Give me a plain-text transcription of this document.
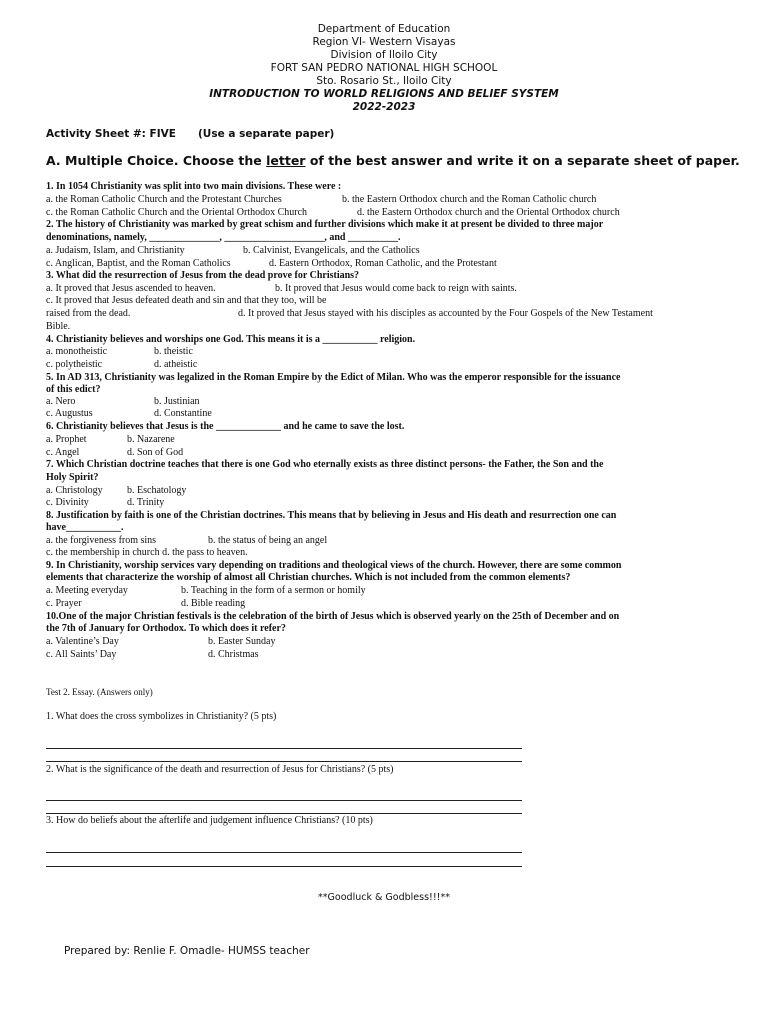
Department of Education
Region VI- Western Visayas
Division of Iloilo City
FORT SAN PEDRO NATIONAL HIGH SCHOOL
Sto. Rosario St., Iloilo City
INTRODUCTION TO WORLD RELIGIONS AND BELIEF SYSTEM
2022-2023
Activity Sheet #: FIVE (Use a separate paper)
A. Multiple Choice. Choose the letter of the best answer and write it on a separate sheet of paper.
1. In 1054 Christianity was split into two main divisions. These were :
a. the Roman Catholic Church and the Protestant Churches	b. the Eastern Orthodox church and the Roman Catholic church
c. the Roman Catholic Church and the Oriental Orthodox Church	d. the Eastern Orthodox church and the Oriental Orthodox church
2. The history of Christianity was marked by great schism and further divisions which make it at present be divided to three major
denominations, namely, ______________, ____________________, and __________.
a. Judaism, Islam, and Christianity	b. Calvinist, Evangelicals, and the Catholics
c. Anglican, Baptist, and the Roman Catholics	d. Eastern Orthodox, Roman Catholic, and the Protestant
3. What did the resurrection of Jesus from the dead prove for Christians?
a. It proved that Jesus ascended to heaven.	b. It proved that Jesus would come back to reign with saints.
c. It proved that Jesus defeated death and sin and that they too, will be
raised from the dead.	d. It proved that Jesus stayed with his disciples as accounted by the Four Gospels of the New Testament
Bible.
4. Christianity believes and worships one God. This means it is a ___________ religion.
a. monotheistic	b. theistic
c. polytheistic	d. atheistic
5. In AD 313, Christianity was legalized in the Roman Empire by the Edict of Milan. Who was the emperor responsible for the issuance
of this edict?
a. Nero	b. Justinian
c. Augustus	d. Constantine
6. Christianity believes that Jesus is the _____________ and he came to save the lost.
a. Prophet	b. Nazarene
c. Angel	d. Son of God
7. Which Christian doctrine teaches that there is one God who eternally exists as three distinct persons- the Father, the Son and the
Holy Spirit?
a. Christology b. Eschatology
c. Divinity	d. Trinity
8. Justification by faith is one of the Christian doctrines. This means that by believing in Jesus and His death and resurrection one can
have___________.
a. the forgiveness from sins	b. the status of being an angel
c. the membership in church d. the pass to heaven.
9. In Christianity, worship services vary depending on traditions and theological views of the church. However, there are some common
elements that characterize the worship of almost all Christian churches. Which is not included from the common elements?
a. Meeting everyday	b. Teaching in the form of a sermon or homily
c. Prayer	d. Bible reading
10.One of the major Christian festivals is the celebration of the birth of Jesus which is observed yearly on the 25th of December and on
the 7th of January for Orthodox. To which does it refer?
a. Valentine’s Day	b. Easter Sunday
c. All Saints’ Day	d. Christmas
Test 2. Essay. (Answers only)
1. What does the cross symbolizes in Christianity? (5 pts)
2. What is the significance of the death and resurrection of Jesus for Christians? (5 pts)
3. How do beliefs about the afterlife and judgement influence Christians? (10 pts)
**Goodluck & Godbless!!!**
Prepared by: Renlie F. Omadle- HUMSS teacher
